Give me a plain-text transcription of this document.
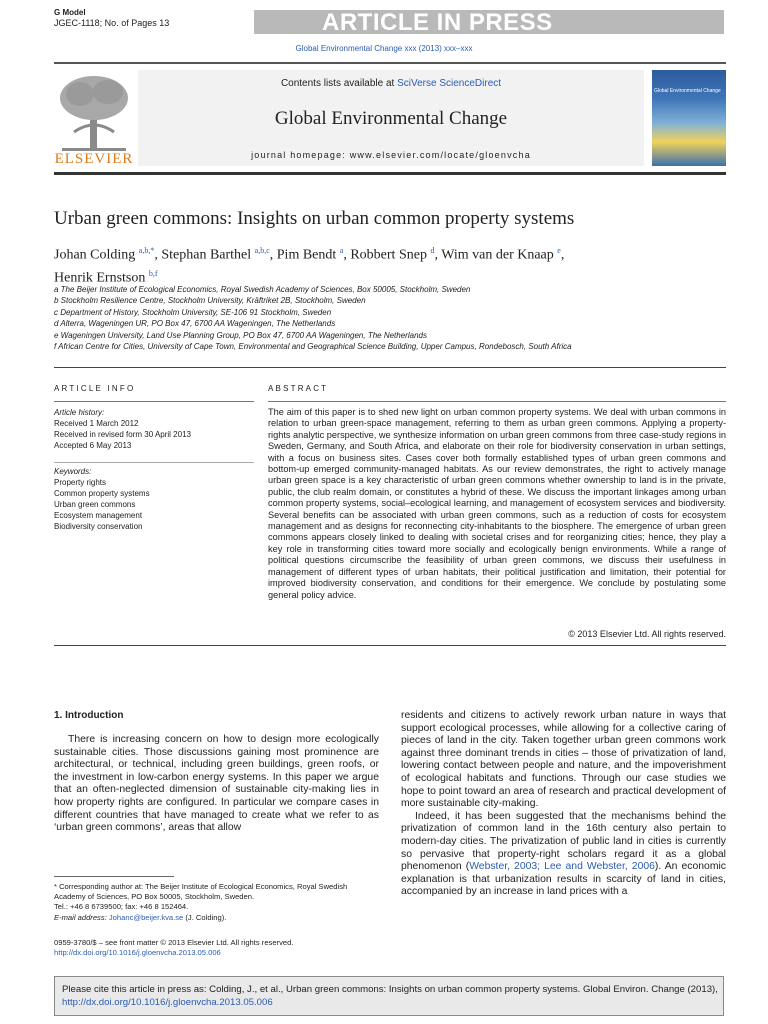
G Model
JGEC-1118; No. of Pages 13	ARTICLE IN PRESS
Global Environmental Change xxx (2013) xxx–xxx
ELSEVIER
Contents lists available at SciVerse ScienceDirect
Global Environmental Change
journal homepage: www.elsevier.com/locate/gloenvcha
Global Environmental Change
Urban green commons: Insights on urban common property systems
Johan Colding $^{a,b,*}$, Stephan Barthel $^{a,b,c}$, Pim Bendt $^a$, Robbert Snep $^d$, Wim van der Knaap $^e$,
Henrik Ernstson $^{b,f}$
a The Beijer Institute of Ecological Economics, Royal Swedish Academy of Sciences, Box 50005, Stockholm, Sweden
b Stockholm Resilience Centre, Stockholm University, Kräftriket 2B, Stockholm, Sweden
c Department of History, Stockholm University, SE-106 91 Stockholm, Sweden
d Alterra, Wageningen UR, PO Box 47, 6700 AA Wageningen, The Netherlands
e Wageningen University, Land Use Planning Group, PO Box 47, 6700 AA Wageningen, The Netherlands
f African Centre for Cities, University of Cape Town, Environmental and Geographical Science Building, Upper Campus, Rondebosch, South Africa
ARTICLE INFO	ABSTRACT
Article history:
Received 1 March 2012
Received in revised form 30 April 2013
Accepted 6 May 2013
Keywords:
Property rights
Common property systems
Urban green commons
Ecosystem management
Biodiversity conservation
The aim of this paper is to shed new light on urban common property systems. We deal with urban commons in relation to urban green-space management, referring to them as urban green commons. Applying a property-rights analytic perspective, we synthesize information on urban green commons from three case-study regions in Sweden, Germany, and South Africa, and elaborate on their role for biodiversity conservation in urban settings, with a focus on business sites. Cases cover both formally established types of urban green commons and bottom-up emerged community-managed habitats. As our review demonstrates, the right to actively manage urban green space is a key characteristic of urban green commons whether ownership to land is in the private, public, the club realm domain, or constitutes a hybrid of these. We discuss the important linkages among urban common property systems, social–ecological learning, and management of ecosystem services and biodiversity. Several benefits can be associated with urban green commons, such as a reduction of costs for ecosystem management and as designs for reconnecting city-inhabitants to the biosphere. The emergence of urban green commons appears closely linked to dealing with societal crises and for reorganizing cities; hence, they play a key role in transforming cities toward more socially and ecologically benign environments. While a range of political questions circumscribe the feasibility of urban green commons, we discuss their usefulness in management of different types of urban habitats, their political justification and limitation, their potential for improved biodiversity conservation, and conditions for their emergence. We conclude by postulating some general policy advice.
© 2013 Elsevier Ltd. All rights reserved.
1. Introduction
There is increasing concern on how to design more ecologically sustainable cities. Those discussions gaining most prominence are architectural, or technical, including green buildings, green roofs, or the investment in low-carbon energy systems. In this paper we argue that an often-neglected dimension of sustainable city-making lies in how property rights are configured. In particular we compare cases in different countries that have managed to create what we refer to as ‘urban green commons’, areas that allow

residents and citizens to actively rework urban nature in ways that support ecological processes, while allowing for a collective caring of pieces of land in the city. Taken together urban green commons work against three dominant trends in cities – those of privatization of land, lowering contact between people and nature, and the impoverishment of ecological habitats and functions. Through our case studies we hope to point toward an area of research and practical development of more sustainable city-making.

Indeed, it has been suggested that the mechanisms behind the privatization of common land in the 16th century also pertain to modern-day cities. The privatization of public land in cities is currently so pervasive that property-right scholars regard it as a global phenomenon (Webster, 2003; Lee and Webster, 2006). An economic explanation is that urbanization results in scarcity of land in cities, accompanied by an increase in land prices with a

* Corresponding author at: The Beijer Institute of Ecological Economics, Royal Swedish Academy of Sciences, PO Box 50005, Stockholm, Sweden.
Tel.: +46 8 6739500; fax: +46 8 152464.
E-mail address: Johanc@beijer.kva.se (J. Colding).
0959-3780/$ – see front matter © 2013 Elsevier Ltd. All rights reserved.
http://dx.doi.org/10.1016/j.gloenvcha.2013.05.006
Please cite this article in press as: Colding, J., et al., Urban green commons: Insights on urban common property systems. Global Environ. Change (2013), http://dx.doi.org/10.1016/j.gloenvcha.2013.05.006
